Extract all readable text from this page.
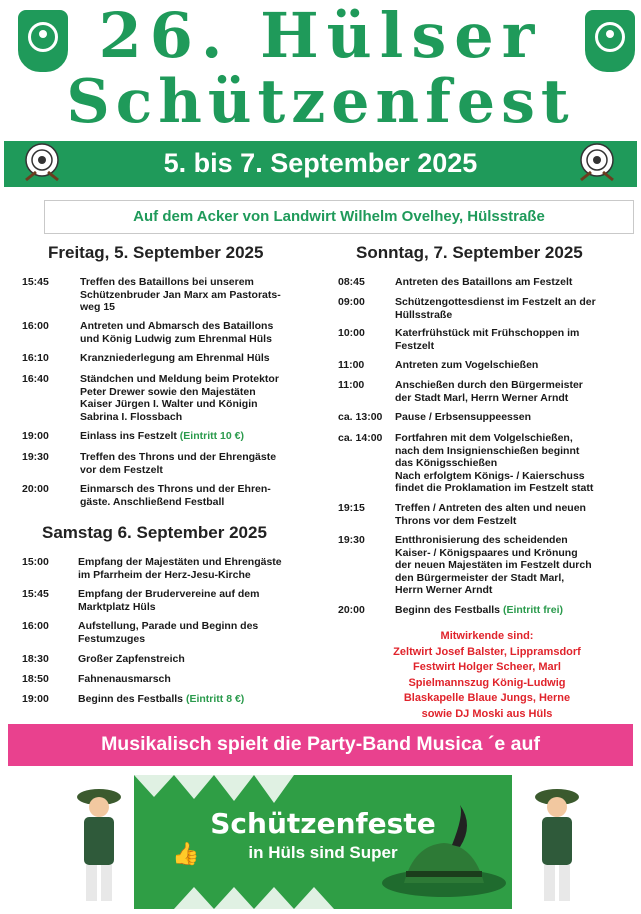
26. Hülser
Schützenfest
5. bis 7. September 2025
Auf dem Acker von Landwirt Wilhelm Ovelhey, Hülsstraße
Freitag, 5. September 2025
Samstag 6. September 2025
Sonntag, 7. September 2025
15:45	Treffen des Bataillons bei unserem
Schützenbruder Jan Marx am Pastorats-
weg 15
16:00	Antreten und Abmarsch des Bataillons
und König Ludwig zum Ehrenmal Hüls
16:10	Kranzniederlegung am Ehrenmal Hüls
16:40	Ständchen und Meldung beim Protektor
Peter Drewer sowie den Majestäten
Kaiser Jürgen I. Walter und Königin
Sabrina I. Flossbach
19:00	Einlass ins Festzelt (Eintritt 10 €)
19:30	Treffen des Throns und der Ehrengäste
vor dem Festzelt
20:00	Einmarsch des Throns und der Ehren-
gäste. Anschließend Festball
15:00	Empfang der Majestäten und Ehrengäste
im Pfarrheim der Herz-Jesu-Kirche
15:45	Empfang der Brudervereine auf dem
Marktplatz Hüls
16:00	Aufstellung, Parade und Beginn des
Festumzuges
18:30	Großer Zapfenstreich
18:50	Fahnenausmarsch
19:00	Beginn des Festballs (Eintritt 8 €)
08:45	Antreten des Bataillons am Festzelt
09:00	Schützengottesdienst im Festzelt an der
Hüllsstraße
10:00	Katerfrühstück mit Frühschoppen im
Festzelt
11:00	Antreten zum Vogelschießen
11:00	Anschießen durch den Bürgermeister
der Stadt Marl, Herrn Werner Arndt
ca. 13:00 Pause / Erbsensuppeessen
ca. 14:00 Fortfahren mit dem Volgelschießen,
nach dem Insignienschießen beginnt
das Königsschießen
Nach erfolgtem Königs- / Kaierschuss
findet die Proklamation im Festzelt statt
19:15	Treffen / Antreten des alten und neuen
Throns vor dem Festzelt
19:30	Entthronisierung des scheidenden
Kaiser- / Königspaares und Krönung
der neuen Majestäten im Festzelt durch
den Bürgermeister der Stadt Marl,
Herrn Werner Arndt
20:00	Beginn des Festballs (Eintritt frei)
Mitwirkende sind:
Zeltwirt Josef Balster, Lippramsdorf
Festwirt Holger Scheer, Marl
Spielmannszug König-Ludwig
Blaskapelle Blaue Jungs, Herne
sowie DJ Moski aus Hüls
Musikalisch spielt die Party-Band Musica ´e auf
Schützenfeste
in Hüls sind Super
👍
